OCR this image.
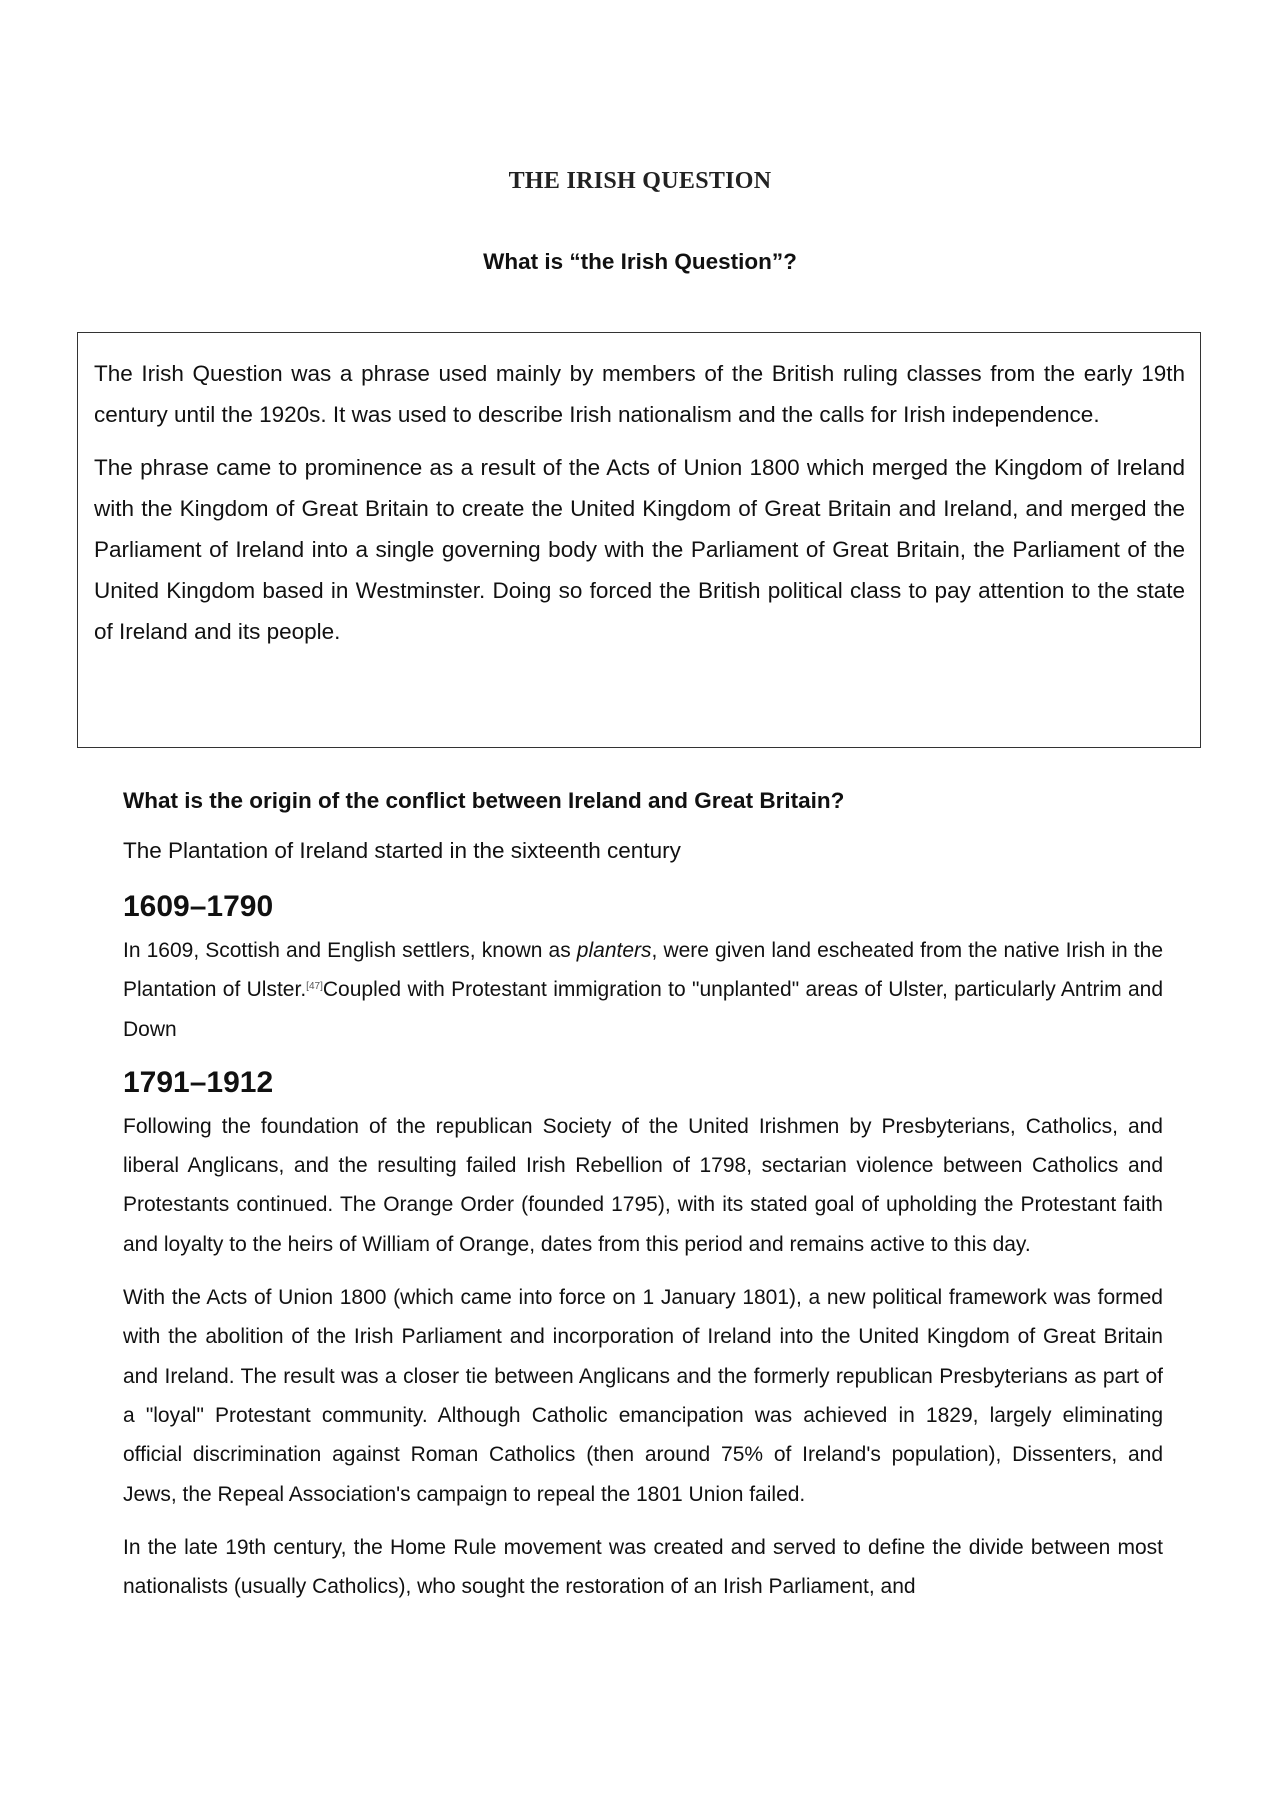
THE IRISH QUESTION
What is “the Irish Question”?

The Irish Question was a phrase used mainly by members of the British ruling classes from the early 19th century until the 1920s. It was used to describe Irish nationalism and the calls for Irish independence.

The phrase came to prominence as a result of the Acts of Union 1800 which merged the Kingdom of Ireland with the Kingdom of Great Britain to create the United Kingdom of Great Britain and Ireland, and merged the Parliament of Ireland into a single governing body with the Parliament of Great Britain, the Parliament of the United Kingdom based in Westminster. Doing so forced the British political class to pay attention to the state of Ireland and its people.

What is the origin of the conflict between Ireland and Great Britain?

The Plantation of Ireland started in the sixteenth century

1609–1790

In 1609, Scottish and English settlers, known as planters, were given land escheated from the native Irish in the Plantation of Ulster.[47]Coupled with Protestant immigration to "unplanted" areas of Ulster, particularly Antrim and Down

1791–1912

Following the foundation of the republican Society of the United Irishmen by Presbyterians, Catholics, and liberal Anglicans, and the resulting failed Irish Rebellion of 1798, sectarian violence between Catholics and Protestants continued. The Orange Order (founded 1795), with its stated goal of upholding the Protestant faith and loyalty to the heirs of William of Orange, dates from this period and remains active to this day.

With the Acts of Union 1800 (which came into force on 1 January 1801), a new political framework was formed with the abolition of the Irish Parliament and incorporation of Ireland into the United Kingdom of Great Britain and Ireland. The result was a closer tie between Anglicans and the formerly republican Presbyterians as part of a "loyal" Protestant community. Although Catholic emancipation was achieved in 1829, largely eliminating official discrimination against Roman Catholics (then around 75% of Ireland's population), Dissenters, and Jews, the Repeal Association's campaign to repeal the 1801 Union failed.

In the late 19th century, the Home Rule movement was created and served to define the divide between most nationalists (usually Catholics), who sought the restoration of an Irish Parliament, and
